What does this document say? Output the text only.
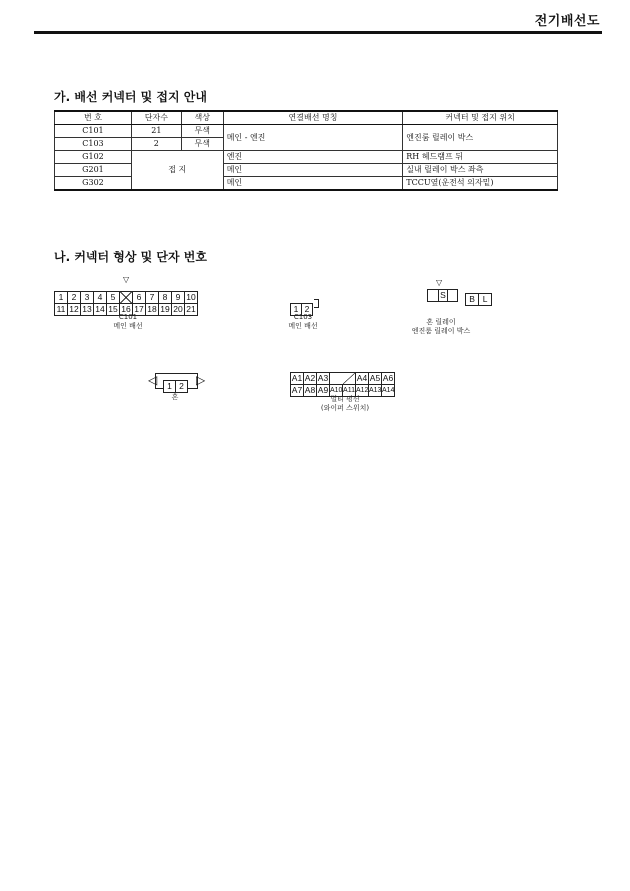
전기배선도
가. 배선 커넥터 및 접지 안내
번 호	단자수	색상	연결배선 명칭	커넥터 및 접지 위치
C101	21	무색	메인 - 엔진	엔진룸 릴레이 박스
C103	2	무색		
G102	접 지		엔진	RH 헤드램프 뒤
G201			메인	실내 릴레이 박스 좌측
G302			메인	TCCU옆(운전석 의자밑)
나. 커넥터 형상 및 단자 번호
▽
1 2 3 4 5	6 7 8 9 10
11 12 13 14 15 16 17 18 19 20 21
C101
메인 배선
1 2
C103
메인 배선
▽
S
	B L
혼 릴레이
엔진룸 릴레이 박스
◁	1 2	▷
혼
A1 A2 A3	A4 A5 A6
A7 A8 A9 A10 A11 A12 A13 A14
멀티 펑션
(와이퍼 스위치)
